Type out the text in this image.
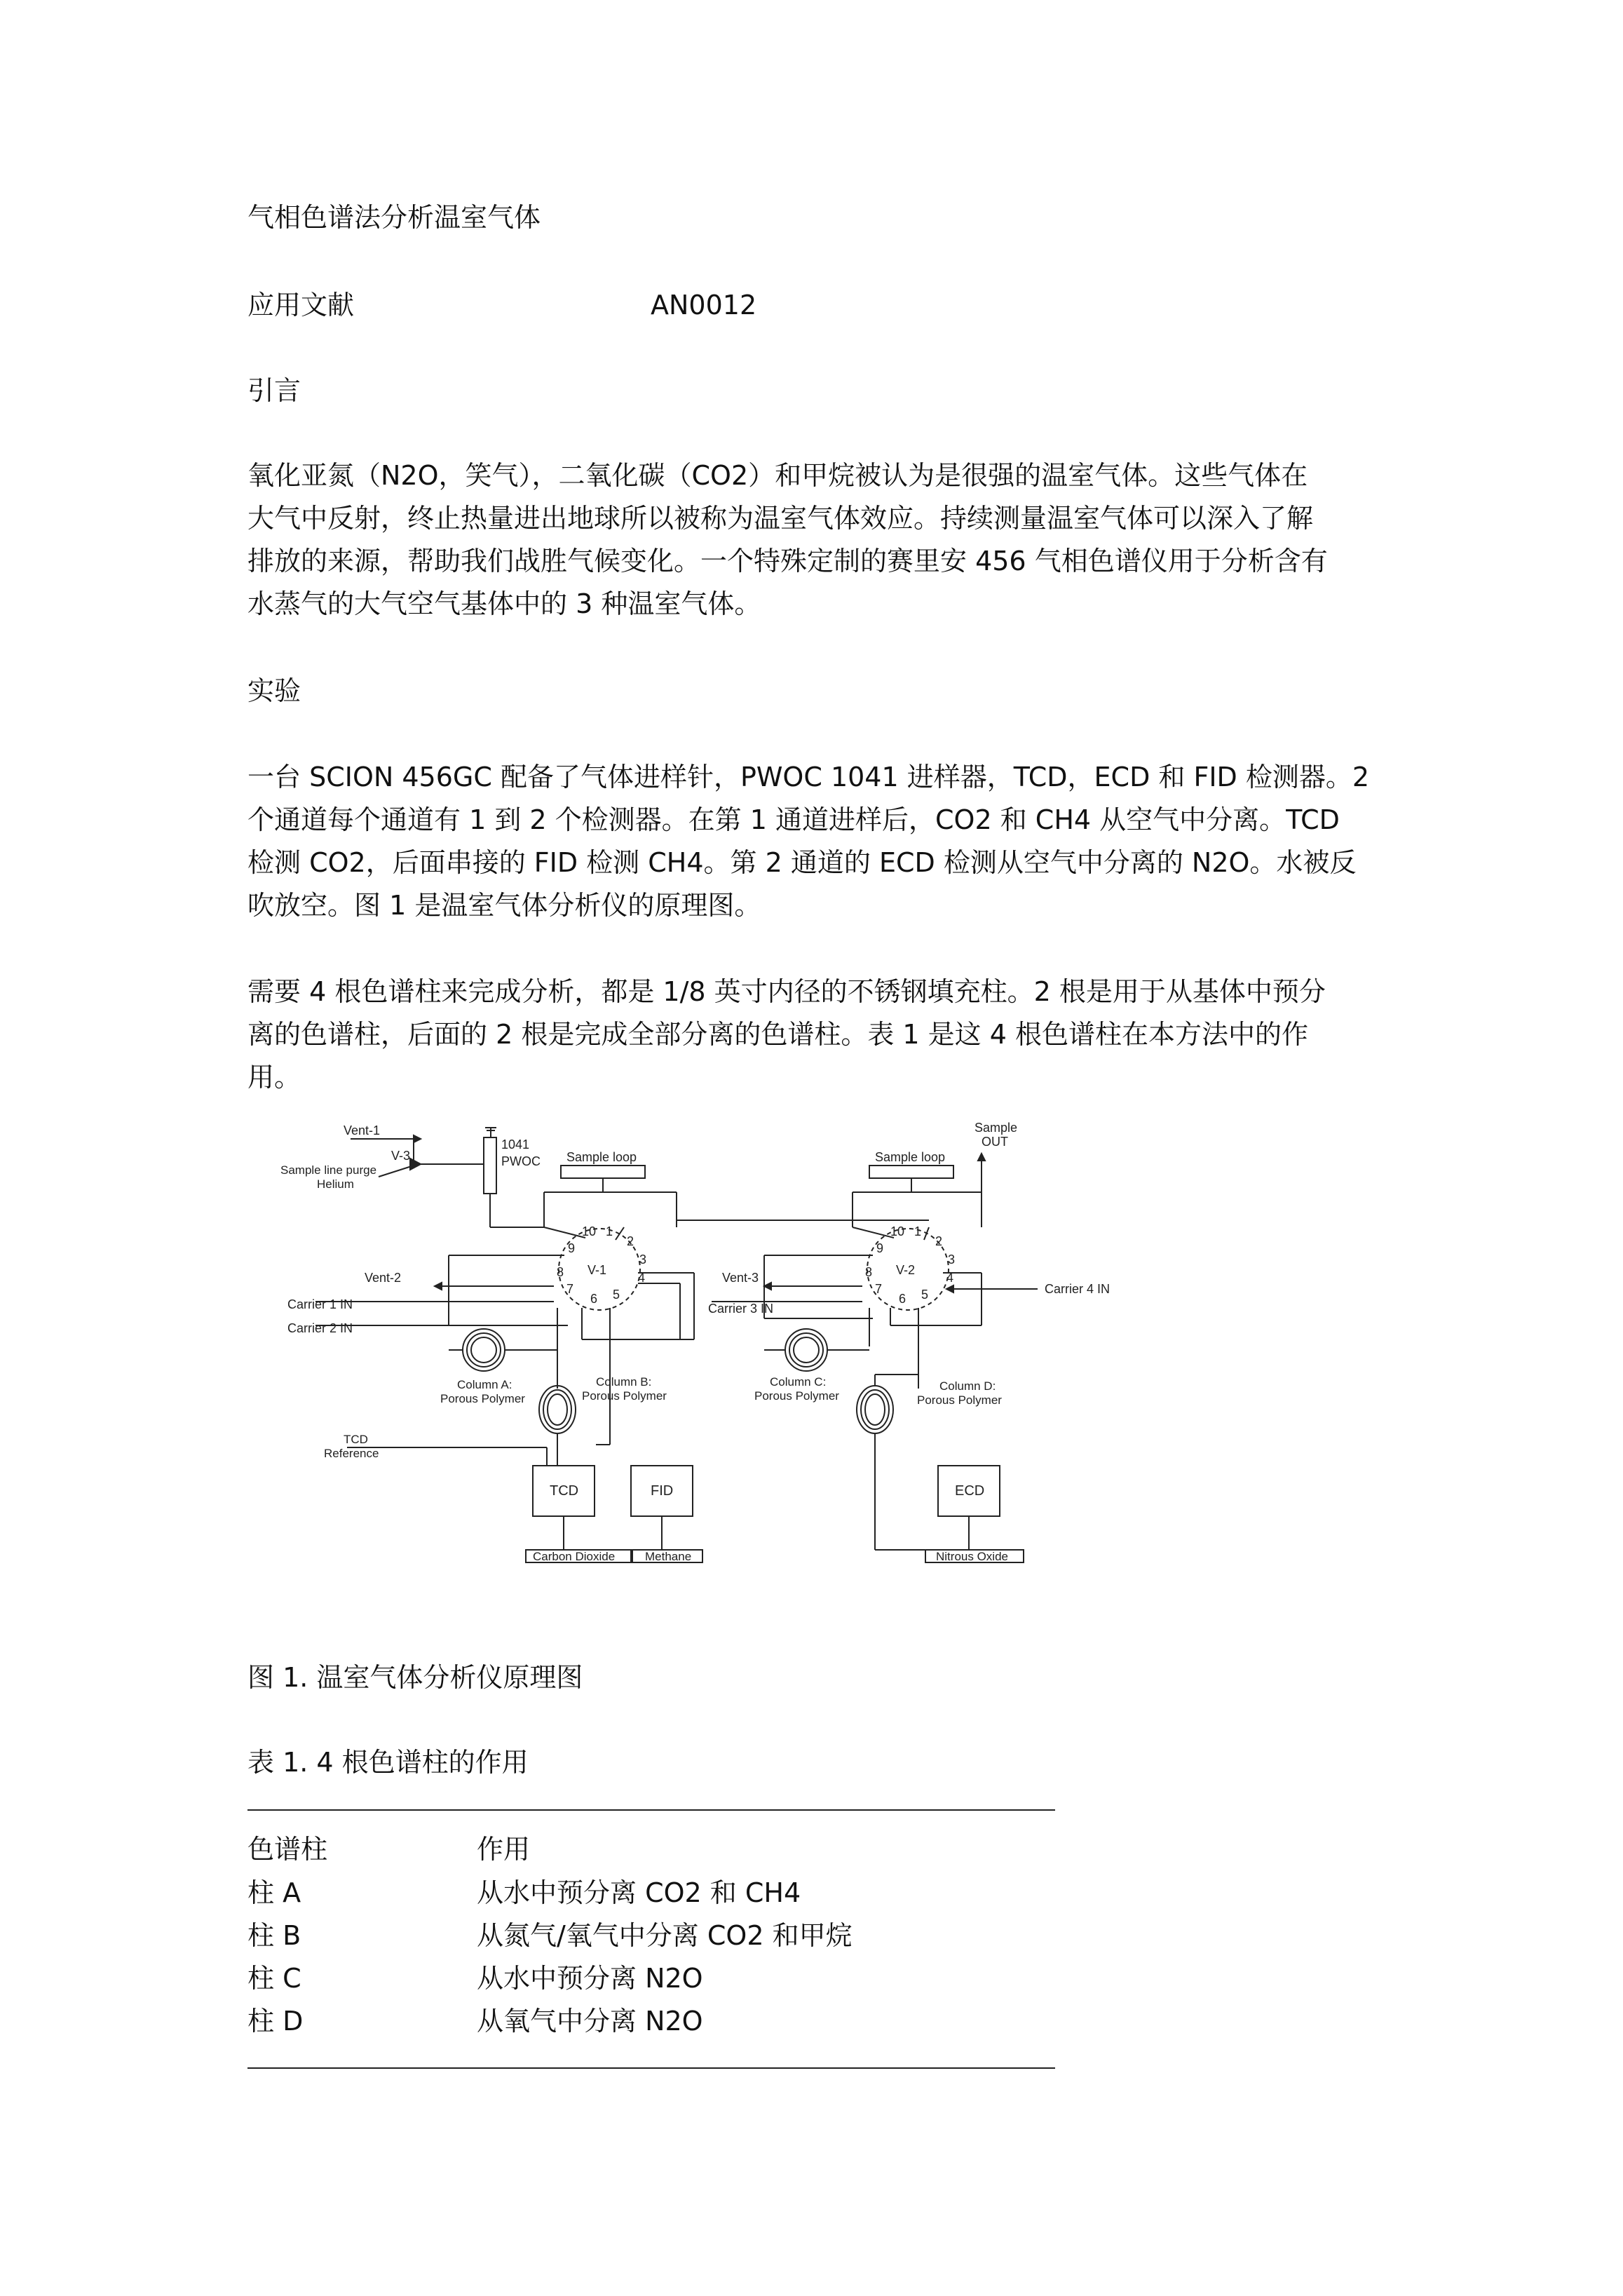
气相色谱法分析温室气体
应用文献	AN0012
引言
氧化亚氮（N2O，笑气），二氧化碳（CO2）和甲烷被认为是很强的温室气体。这些气体在
大气中反射，终止热量进出地球所以被称为温室气体效应。持续测量温室气体可以深入了解
排放的来源，帮助我们战胜气候变化。一个特殊定制的赛里安 456 气相色谱仪用于分析含有
水蒸气的大气空气基体中的 3 种温室气体。
实验
一台 SCION 456GC 配备了气体进样针，PWOC 1041 进样器，TCD，ECD 和 FID 检测器。2
个通道每个通道有 1 到 2 个检测器。在第 1 通道进样后，CO2 和 CH4 从空气中分离。TCD
检测 CO2，后面串接的 FID 检测 CH4。第 2 通道的 ECD 检测从空气中分离的 N2O。水被反
吹放空。图 1 是温室气体分析仪的原理图。
需要 4 根色谱柱来完成分析，都是 1/8 英寸内径的不锈钢填充柱。2 根是用于从基体中预分
离的色谱柱，后面的 2 根是完成全部分离的色谱柱。表 1 是这 4 根色谱柱在本方法中的作
用。
Vent-1
V-3
Sample line purge
Helium
1041
PWOC Sample loop	Sample loop
Sample
OUT
V-1	V-2
10 1
2
3
4
5
6
7
8
9
10 1
2
3
4
5
6
7
8
9
Vent-2
Carrier 1 IN
Carrier 2 IN
Vent-3
Carrier 3 IN
Carrier 4 IN
Column A:
Porous Polymer
Column B:
Porous Polymer
Column C:
Porous Polymer
Column D:
Porous Polymer
TCD
Reference
TCD	FID	ECD
Carbon Dioxide	Methane	Nitrous Oxide
图 1. 温室气体分析仪原理图
表 1. 4 根色谱柱的作用
色谱柱	作用
柱 A	从水中预分离 CO2 和 CH4
柱 B	从氮气/氧气中分离 CO2 和甲烷
柱 C	从水中预分离 N2O
柱 D	从氧气中分离 N2O
